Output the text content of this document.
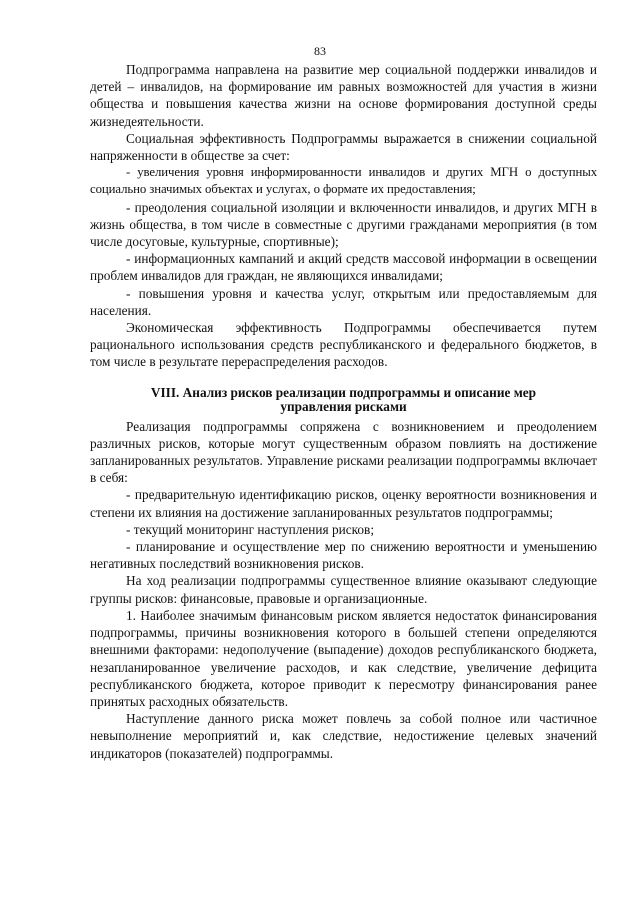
83

Подпрограмма направлена на развитие мер социальной поддержки инвалидов и детей – инвалидов, на формирование им равных возможностей для участия в жизни общества и повышения качества жизни на основе формирования доступной среды жизнедеятельности.

Социальная эффективность Подпрограммы выражается в снижении социальной напряженности в обществе за счет:

- увеличения уровня информированности инвалидов и других МГН о доступных социально значимых объектах и услугах, о формате их предоставления;

- преодоления социальной изоляции и включенности инвалидов, и других МГН в жизнь общества, в том числе в совместные с другими гражданами мероприятия (в том числе досуговые, культурные, спортивные);

- информационных кампаний и акций средств массовой информации в освещении проблем инвалидов для граждан, не являющихся инвалидами;

- повышения уровня и качества услуг, открытым или предоставляемым для населения.

Экономическая эффективность Подпрограммы обеспечивается путем рационального использования средств республиканского и федерального бюджетов, в том числе в результате перераспределения расходов.

VIII. Анализ рисков реализации подпрограммы и описание мер
управления рисками

Реализация подпрограммы сопряжена с возникновением и преодолением различных рисков, которые могут существенным образом повлиять на достижение запланированных результатов. Управление рисками реализации подпрограммы включает в себя:

- предварительную идентификацию рисков, оценку вероятности возникновения и степени их влияния на достижение запланированных результатов подпрограммы;

- текущий мониторинг наступления рисков;

- планирование и осуществление мер по снижению вероятности и уменьшению негативных последствий возникновения рисков.

На ход реализации подпрограммы существенное влияние оказывают следующие группы рисков: финансовые, правовые и организационные.

1. Наиболее значимым финансовым риском является недостаток финансирования подпрограммы, причины возникновения которого в большей степени определяются внешними факторами: недополучение (выпадение) доходов республиканского бюджета, незапланированное увеличение расходов, и как следствие, увеличение дефицита республиканского бюджета, которое приводит к пересмотру финансирования ранее принятых расходных обязательств.

Наступление данного риска может повлечь за собой полное или частичное невыполнение мероприятий и, как следствие, недостижение целевых значений индикаторов (показателей) подпрограммы.
